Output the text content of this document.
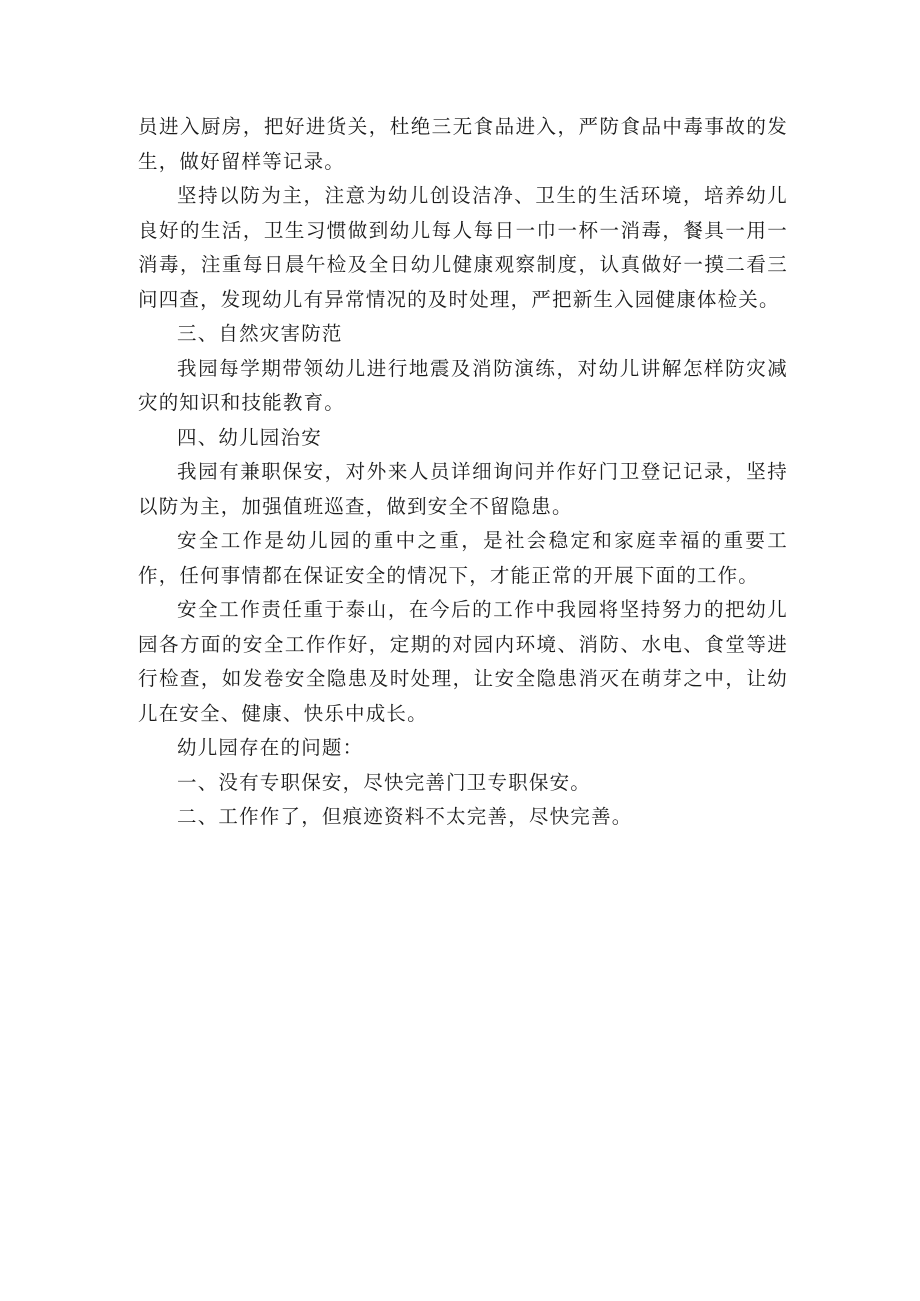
员进入厨房，把好进货关，杜绝三无食品进入，严防食品中毒事故的发生，做好留样等记录。

坚持以防为主，注意为幼儿创设洁净、卫生的生活环境，培养幼儿良好的生活，卫生习惯做到幼儿每人每日一巾一杯一消毒，餐具一用一消毒，注重每日晨午检及全日幼儿健康观察制度，认真做好一摸二看三问四查，发现幼儿有异常情况的及时处理，严把新生入园健康体检关。

三、自然灾害防范

我园每学期带领幼儿进行地震及消防演练，对幼儿讲解怎样防灾减灾的知识和技能教育。

四、幼儿园治安

我园有兼职保安，对外来人员详细询问并作好门卫登记记录，坚持以防为主，加强值班巡查，做到安全不留隐患。

安全工作是幼儿园的重中之重，是社会稳定和家庭幸福的重要工作，任何事情都在保证安全的情况下，才能正常的开展下面的工作。

安全工作责任重于泰山，在今后的工作中我园将坚持努力的把幼儿园各方面的安全工作作好，定期的对园内环境、消防、水电、食堂等进行检查，如发卷安全隐患及时处理，让安全隐患消灭在萌芽之中，让幼儿在安全、健康、快乐中成长。

幼儿园存在的问题：

一、没有专职保安，尽快完善门卫专职保安。

二、工作作了，但痕迹资料不太完善，尽快完善。
